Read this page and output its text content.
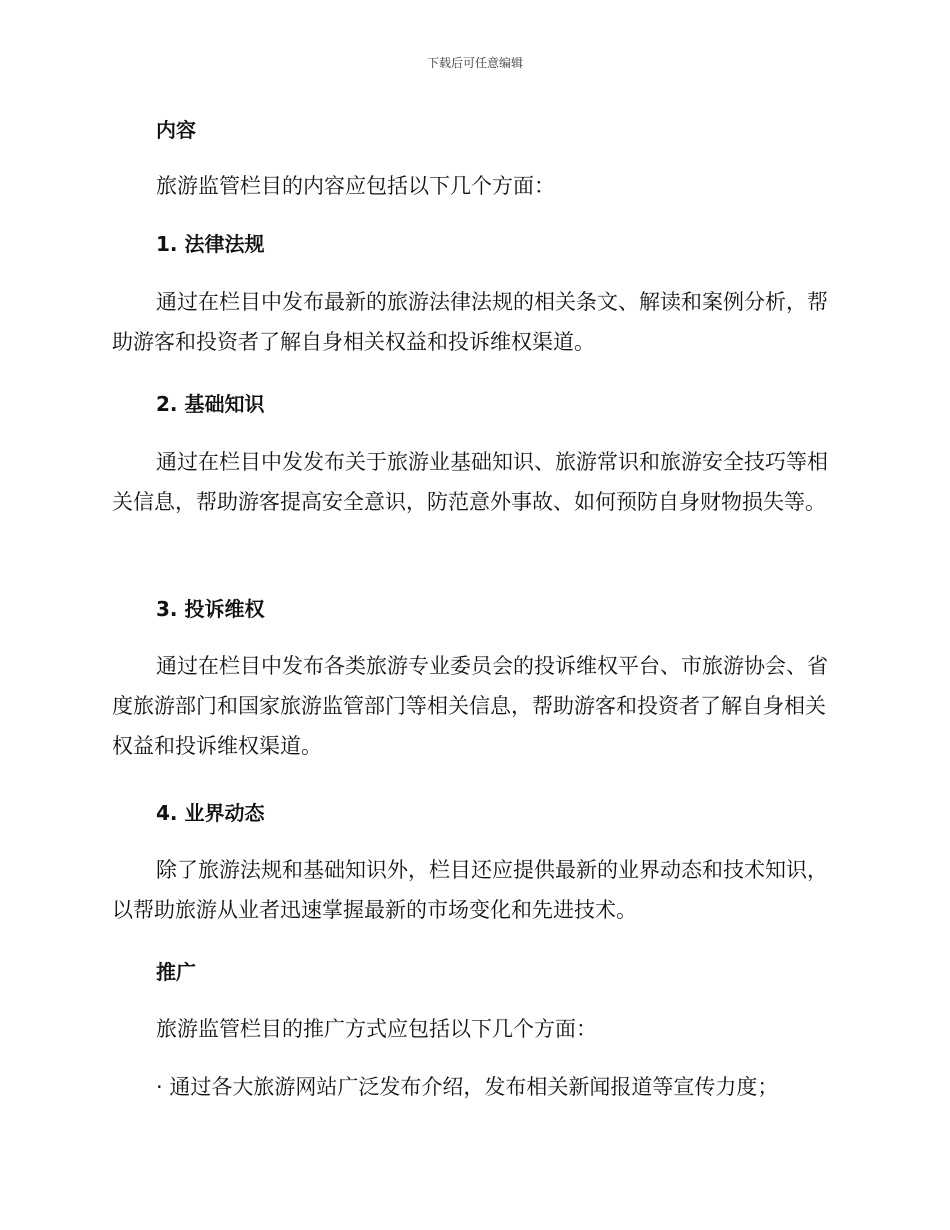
下载后可任意编辑
内容
旅游监管栏目的内容应包括以下几个方面：
1. 法律法规
通过在栏目中发布最新的旅游法律法规的相关条文、解读和案例分析，帮助游客和投资者了解自身相关权益和投诉维权渠道。
2. 基础知识
通过在栏目中发发布关于旅游业基础知识、旅游常识和旅游安全技巧等相关信息，帮助游客提高安全意识，防范意外事故、如何预防自身财物损失等。
3. 投诉维权
通过在栏目中发布各类旅游专业委员会的投诉维权平台、市旅游协会、省度旅游部门和国家旅游监管部门等相关信息，帮助游客和投资者了解自身相关权益和投诉维权渠道。
4. 业界动态
除了旅游法规和基础知识外，栏目还应提供最新的业界动态和技术知识，以帮助旅游从业者迅速掌握最新的市场变化和先进技术。
推广
旅游监管栏目的推广方式应包括以下几个方面：
· 通过各大旅游网站广泛发布介绍，发布相关新闻报道等宣传力度；
